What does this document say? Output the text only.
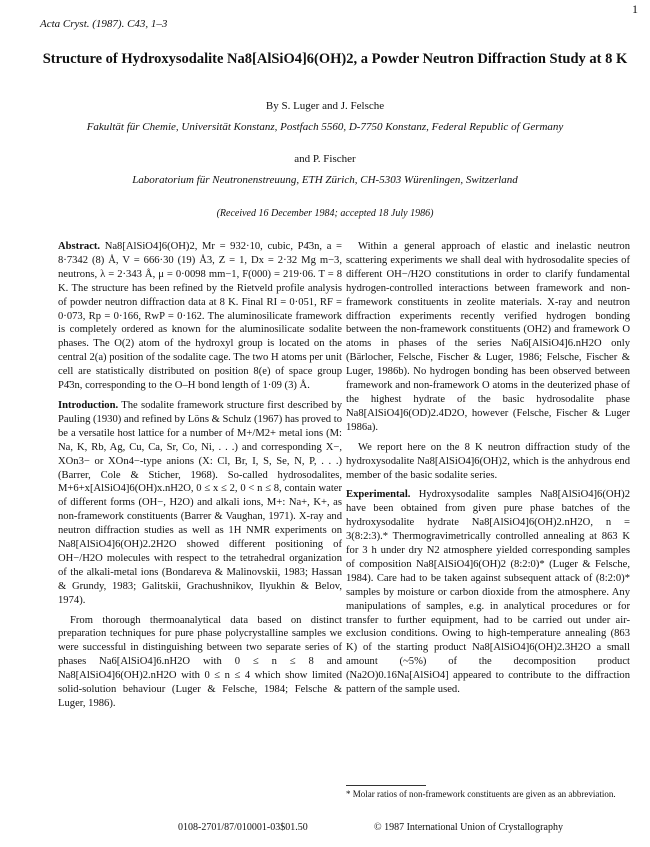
1
Acta Cryst. (1987). C43, 1–3
Structure of Hydroxysodalite Na8[AlSiO4]6(OH)2, a Powder Neutron Diffraction Study at 8 K
By S. Luger and J. Felsche
Fakultät für Chemie, Universität Konstanz, Postfach 5560, D-7750 Konstanz, Federal Republic of Germany
and P. Fischer
Laboratorium für Neutronenstreuung, ETH Zürich, CH-5303 Würenlingen, Switzerland
(Received 16 December 1984; accepted 18 July 1986)

Abstract. Na8[AlSiO4]6(OH)2, Mr = 932·10, cubic, P4̄3n, a = 8·7342 (8) Å, V = 666·30 (19) Å3, Z = 1, Dx = 2·32 Mg m−3, neutrons, λ = 2·343 Å, μ = 0·0098 mm−1, F(000) = 219·06. T = 8 K. The structure has been refined by the Rietveld profile analysis of powder neutron diffraction data at 8 K. Final RI = 0·051, RF = 0·073, Rp = 0·166, RwP = 0·162. The aluminosilicate framework is completely ordered as known for the aluminosilicate sodalite phases. The O(2) atom of the hydroxyl group is located on the central 2(a) position of the sodalite cage. The two H atoms per unit cell are statistically distributed on position 8(e) of space group P4̄3n, corresponding to the O–H bond length of 1·09 (3) Å.

Introduction. The sodalite framework structure first described by Pauling (1930) and refined by Löns & Schulz (1967) has proved to be a versatile host lattice for a number of M+/M2+ metal ions (M: Na, K, Rb, Ag, Cu, Ca, Sr, Co, Ni, . . .) and corresponding X−, XOn3− or XOn4−-type anions (X: Cl, Br, I, S, Se, N, P, . . .) (Barrer, Cole & Sticher, 1968). So-called hydrosodalites, M+6+x[AlSiO4]6(OH)x.nH2O, 0 ≤ x ≤ 2, 0 < n ≤ 8, contain water of different forms (OH−, H2O) and alkali ions, M+: Na+, K+, as non-framework constituents (Barrer & Vaughan, 1971). X-ray and neutron diffraction studies as well as 1H NMR experiments on Na8[AlSiO4]6(OH)2.2H2O showed different positioning of OH−/H2O molecules with respect to the tetrahedral organization of the alkali-metal ions (Bondareva & Malinovskii, 1983; Hassan & Grundy, 1983; Galitskii, Grachushnikov, Ilyukhin & Belov, 1974).

From thorough thermoanalytical data based on distinct preparation techniques for pure phase polycrystalline samples we were successful in distinguishing between two separate series of phases Na6[AlSiO4]6.nH2O with 0 ≤ n ≤ 8 and Na8[AlSiO4]6(OH)2.nH2O with 0 ≤ n ≤ 4 which show limited solid-solution behaviour (Luger & Felsche, 1984; Felsche & Luger, 1986).

Within a general approach of elastic and inelastic neutron scattering experiments we shall deal with hydrosodalite species of different OH−/H2O constitutions in order to clarify fundamental hydrogen-controlled interactions between framework and non-framework constituents in zeolite materials. X-ray and neutron diffraction experiments recently verified hydrogen bonding between the non-framework constituents (OH2) and framework O atoms in phases of the series Na6[AlSiO4]6.nH2O only (Bärlocher, Felsche, Fischer & Luger, 1986; Felsche, Fischer & Luger, 1986b). No hydrogen bonding has been observed between framework and non-framework O atoms in the deuterized phase of the highest hydrate of the basic hydrosodalite phase Na8[AlSiO4]6(OD)2.4D2O, however (Felsche, Fischer & Luger 1986a).

We report here on the 8 K neutron diffraction study of the hydroxysodalite Na8[AlSiO4]6(OH)2, which is the anhydrous end member of the basic sodalite series.

Experimental. Hydroxysodalite samples Na8[AlSiO4]6(OH)2 have been obtained from given pure phase batches of the hydroxysodalite hydrate Na8[AlSiO4]6(OH)2.nH2O, n = 3(8:2:3).* Thermogravimetrically controlled annealing at 863 K for 3 h under dry N2 atmosphere yielded corresponding samples of composition Na8[AlSiO4]6(OH)2 (8:2:0)* (Luger & Felsche, 1984). Care had to be taken against subsequent attack of (8:2:0)* samples by moisture or carbon dioxide from the atmosphere. Any manipulations of samples, e.g. in analytical procedures or for transfer to further equipment, had to be carried out under air-exclusion conditions. Owing to high-temperature annealing (863 K) of the starting product Na8[AlSiO4]6(OH)2.3H2O a small amount (~5%) of the decomposition product (Na2O)0.16Na[AlSiO4] appeared to contribute to the diffraction pattern of the sample used.

* Molar ratios of non-framework constituents are given as an abbreviation.
0108-2701/87/010001-03$01.50	© 1987 International Union of Crystallography
